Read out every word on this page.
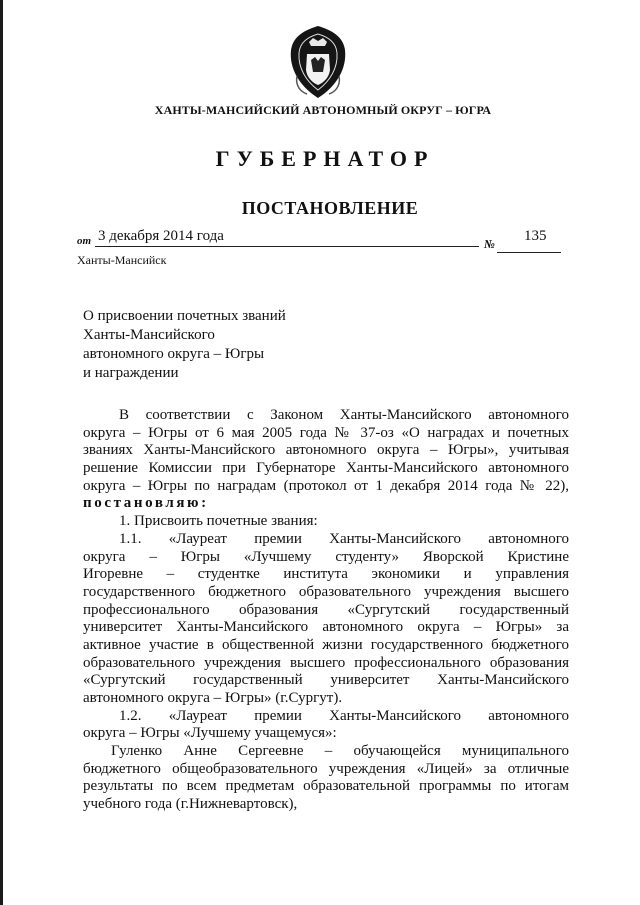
ХАНТЫ-МАНСИЙСКИЙ АВТОНОМНЫЙ ОКРУГ – ЮГРА
ГУБЕРНАТОР
ПОСТАНОВЛЕНИЕ
от 3 декабря 2014 года	№ 135
Ханты-Мансийск
О присвоении почетных званий
Ханты-Мансийского
автономного округа – Югры
и награждении
В соответствии с Законом Ханты-Мансийского автономного
округа – Югры от 6 мая 2005 года № 37-оз «О наградах и почетных
званиях Ханты-Мансийского автономного округа – Югры», учитывая
решение Комиссии при Губернаторе Ханты-Мансийского автономного
округа – Югры по наградам (протокол от 1 декабря 2014 года № 22),
постановляю:
1. Присвоить почетные звания:
1.1. «Лауреат премии Ханты-Мансийского автономного
округа – Югры «Лучшему студенту» Яворской Кристине
Игоревне – студентке института экономики и управления
государственного бюджетного образовательного учреждения высшего
профессионального образования «Сургутский государственный
университет Ханты-Мансийского автономного округа – Югры» за
активное участие в общественной жизни государственного бюджетного
образовательного учреждения высшего профессионального образования
«Сургутский государственный университет Ханты-Мансийского
автономного округа – Югры» (г.Сургут).
1.2. «Лауреат премии Ханты-Мансийского автономного
округа – Югры «Лучшему учащемуся»:
Гуленко Анне Сергеевне – обучающейся муниципального
бюджетного общеобразовательного учреждения «Лицей» за отличные
результаты по всем предметам образовательной программы по итогам
учебного года (г.Нижневартовск),
